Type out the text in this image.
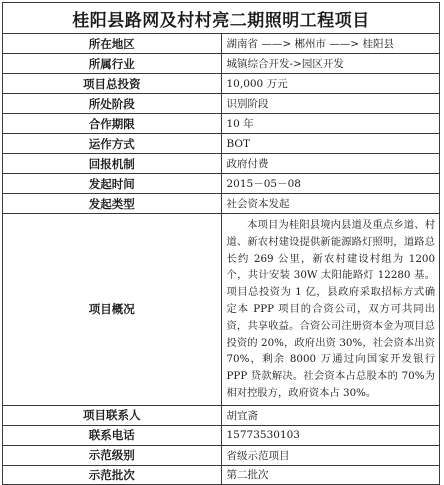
桂阳县路网及村村亮二期照明工程项目	
所在地区	湖南省 ——> 郴州市 ——> 桂阳县
所属行业	城镇综合开发->园区开发
项目总投资	10,000 万元
所处阶段	识别阶段
合作期限	10 年
运作方式	BOT
回报机制	政府付费
发起时间	2015－05－08
发起类型	社会资本发起
项目概况	本项目为桂阳县境内县道及重点乡道、村道、新农村建设提供新能源路灯照明，道路总长约 269 公里，新农村建设村组为 1200 个，共计安装 30W 太阳能路灯 12280 基。项目总投资为 1 亿，县政府采取招标方式确定本 PPP 项目的合资公司，双方可共同出资，共享收益。合资公司注册资本金为项目总投资的 20%，政府出资 30%，社会资本出资 70%，剩余 8000 万通过向国家开发银行 PPP 贷款解决。社会资本占总股本的 70%为相对控股方，政府资本占 30%。
项目联系人	胡宜斋
联系电话	15773530103
示范级别	省级示范项目
示范批次	第二批次
